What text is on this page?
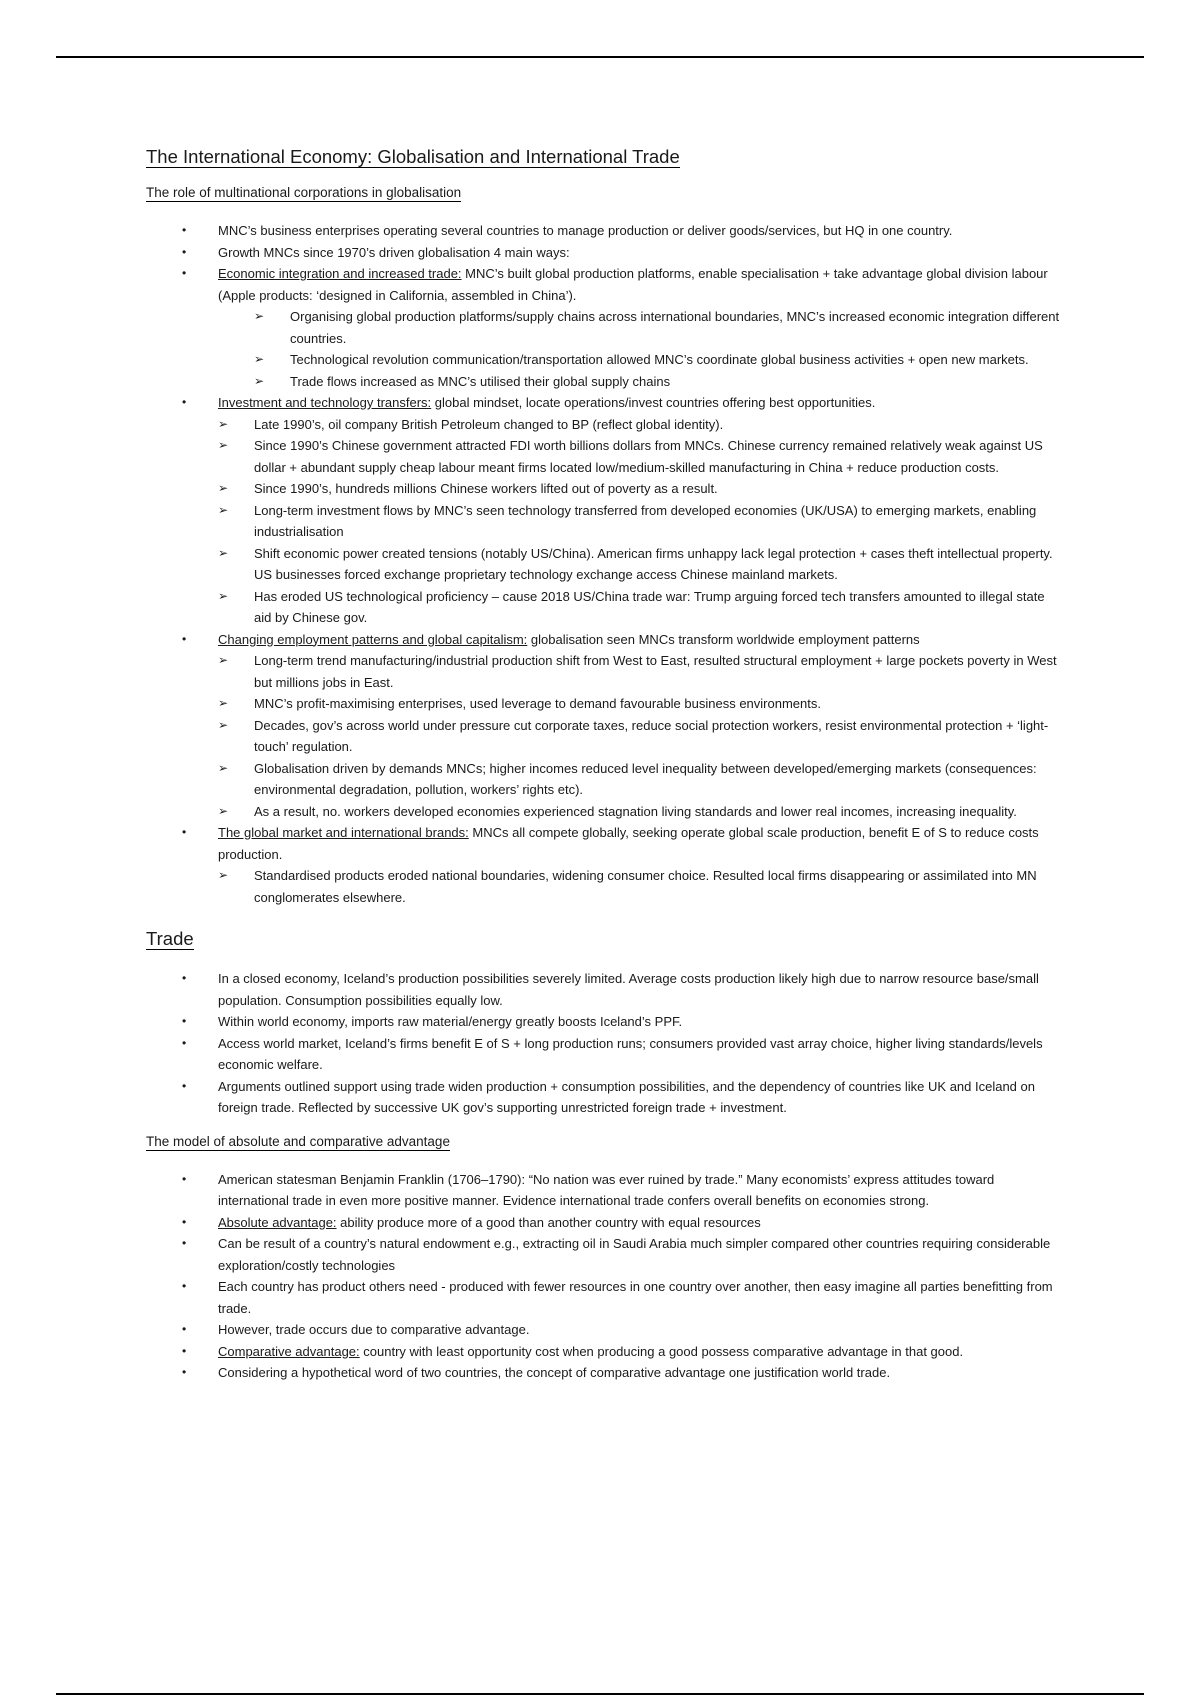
The International Economy: Globalisation and International Trade
The role of multinational corporations in globalisation
• MNC’s business enterprises operating several countries to manage production or deliver goods/services, but HQ in one country.
• Growth MNCs since 1970’s driven globalisation 4 main ways:
• Economic integration and increased trade: MNC’s built global production platforms, enable specialisation + take advantage global division labour (Apple products: ‘designed in California, assembled in China’).
➢ Organising global production platforms/supply chains across international boundaries, MNC’s increased economic integration different countries.
➢ Technological revolution communication/transportation allowed MNC’s coordinate global business activities + open new markets.
➢ Trade flows increased as MNC’s utilised their global supply chains
• Investment and technology transfers: global mindset, locate operations/invest countries offering best opportunities.
➢ Late 1990’s, oil company British Petroleum changed to BP (reflect global identity).
➢ Since 1990’s Chinese government attracted FDI worth billions dollars from MNCs. Chinese currency remained relatively weak against US dollar + abundant supply cheap labour meant firms located low/medium-skilled manufacturing in China + reduce production costs.
➢ Since 1990’s, hundreds millions Chinese workers lifted out of poverty as a result.
➢ Long-term investment flows by MNC’s seen technology transferred from developed economies (UK/USA) to emerging markets, enabling industrialisation
➢ Shift economic power created tensions (notably US/China). American firms unhappy lack legal protection + cases theft intellectual property. US businesses forced exchange proprietary technology exchange access Chinese mainland markets.
➢ Has eroded US technological proficiency – cause 2018 US/China trade war: Trump arguing forced tech transfers amounted to illegal state aid by Chinese gov.
• Changing employment patterns and global capitalism: globalisation seen MNCs transform worldwide employment patterns
➢ Long-term trend manufacturing/industrial production shift from West to East, resulted structural employment + large pockets poverty in West but millions jobs in East.
➢ MNC’s profit-maximising enterprises, used leverage to demand favourable business environments.
➢ Decades, gov’s across world under pressure cut corporate taxes, reduce social protection workers, resist environmental protection + ‘light-touch’ regulation.
➢ Globalisation driven by demands MNCs; higher incomes reduced level inequality between developed/emerging markets (consequences: environmental degradation, pollution, workers’ rights etc).
➢ As a result, no. workers developed economies experienced stagnation living standards and lower real incomes, increasing inequality.
• The global market and international brands: MNCs all compete globally, seeking operate global scale production, benefit E of S to reduce costs production.
➢ Standardised products eroded national boundaries, widening consumer choice. Resulted local firms disappearing or assimilated into MN conglomerates elsewhere.
Trade
• In a closed economy, Iceland’s production possibilities severely limited. Average costs production likely high due to narrow resource base/small population. Consumption possibilities equally low.
• Within world economy, imports raw material/energy greatly boosts Iceland’s PPF.
• Access world market, Iceland’s firms benefit E of S + long production runs; consumers provided vast array choice, higher living standards/levels economic welfare.
• Arguments outlined support using trade widen production + consumption possibilities, and the dependency of countries like UK and Iceland on foreign trade. Reflected by successive UK gov’s supporting unrestricted foreign trade + investment.
The model of absolute and comparative advantage
• American statesman Benjamin Franklin (1706–1790): “No nation was ever ruined by trade.” Many economists’ express attitudes toward international trade in even more positive manner. Evidence international trade confers overall benefits on economies strong.
• Absolute advantage: ability produce more of a good than another country with equal resources
• Can be result of a country’s natural endowment e.g., extracting oil in Saudi Arabia much simpler compared other countries requiring considerable exploration/costly technologies
• Each country has product others need - produced with fewer resources in one country over another, then easy imagine all parties benefitting from trade.
• However, trade occurs due to comparative advantage.
• Comparative advantage: country with least opportunity cost when producing a good possess comparative advantage in that good.
• Considering a hypothetical word of two countries, the concept of comparative advantage one justification world trade.
